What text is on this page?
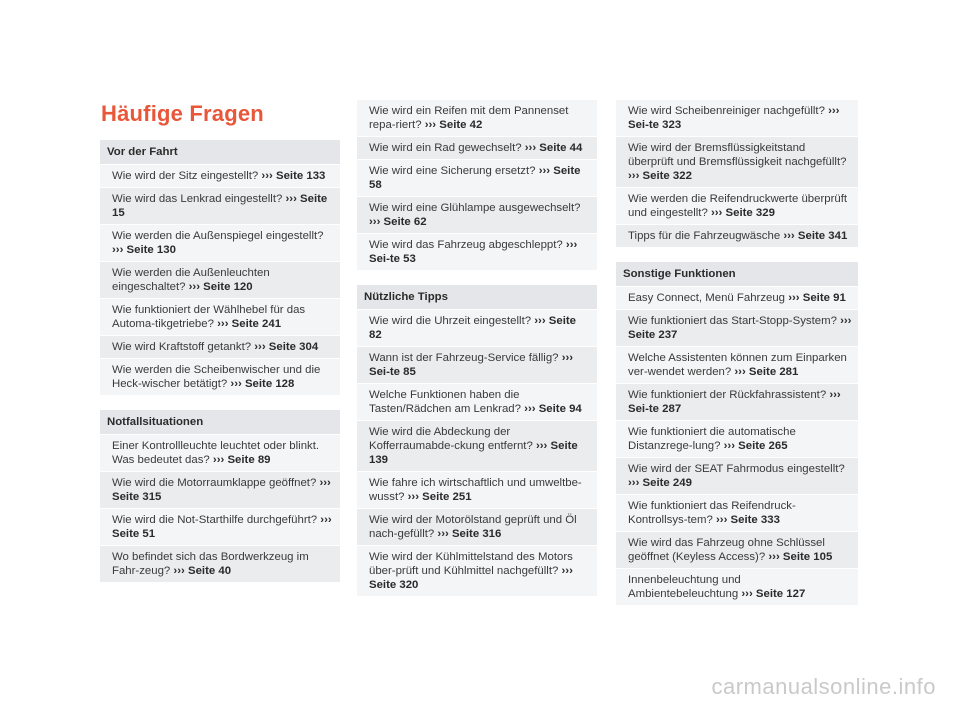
Häufige Fragen
Vor der Fahrt
Wie wird der Sitz eingestellt? ››› Seite 133
Wie wird das Lenkrad eingestellt? ››› Seite 15
Wie werden die Außenspiegel eingestellt? ››› Seite 130
Wie werden die Außenleuchten eingeschaltet? ››› Seite 120
Wie funktioniert der Wählhebel für das Automa-tikgetriebe? ››› Seite 241
Wie wird Kraftstoff getankt? ››› Seite 304
Wie werden die Scheibenwischer und die Heck-wischer betätigt? ››› Seite 128
Notfallsituationen
Einer Kontrollleuchte leuchtet oder blinkt. Was bedeutet das? ››› Seite 89
Wie wird die Motorraumklappe geöffnet? ››› Seite 315
Wie wird die Not-Starthilfe durchgeführt? ››› Seite 51
Wo befindet sich das Bordwerkzeug im Fahr-zeug? ››› Seite 40
Wie wird ein Reifen mit dem Pannenset repa-riert? ››› Seite 42
Wie wird ein Rad gewechselt? ››› Seite 44
Wie wird eine Sicherung ersetzt? ››› Seite 58
Wie wird eine Glühlampe ausgewechselt? ››› Seite 62
Wie wird das Fahrzeug abgeschleppt? ››› Sei-te 53
Nützliche Tipps
Wie wird die Uhrzeit eingestellt? ››› Seite 82
Wann ist der Fahrzeug-Service fällig? ››› Sei-te 85
Welche Funktionen haben die Tasten/Rädchen am Lenkrad? ››› Seite 94
Wie wird die Abdeckung der Kofferraumabde-ckung entfernt? ››› Seite 139
Wie fahre ich wirtschaftlich und umweltbe-wusst? ››› Seite 251
Wie wird der Motorölstand geprüft und Öl nach-gefüllt? ››› Seite 316
Wie wird der Kühlmittelstand des Motors über-prüft und Kühlmittel nachgefüllt? ››› Seite 320
Wie wird Scheibenreiniger nachgefüllt? ››› Sei-te 323
Wie wird der Bremsflüssigkeitstand überprüft und Bremsflüssigkeit nachgefüllt? ››› Seite 322
Wie werden die Reifendruckwerte überprüft und eingestellt? ››› Seite 329
Tipps für die Fahrzeugwäsche ››› Seite 341
Sonstige Funktionen
Easy Connect, Menü Fahrzeug ››› Seite 91
Wie funktioniert das Start-Stopp-System? ››› Seite 237
Welche Assistenten können zum Einparken ver-wendet werden? ››› Seite 281
Wie funktioniert der Rückfahrassistent? ››› Sei-te 287
Wie funktioniert die automatische Distanzrege-lung? ››› Seite 265
Wie wird der SEAT Fahrmodus eingestellt? ››› Seite 249
Wie funktioniert das Reifendruck-Kontrollsys-tem? ››› Seite 333
Wie wird das Fahrzeug ohne Schlüssel geöffnet (Keyless Access)? ››› Seite 105
Innenbeleuchtung und Ambientebeleuchtung ››› Seite 127
carmanualsonline.info
